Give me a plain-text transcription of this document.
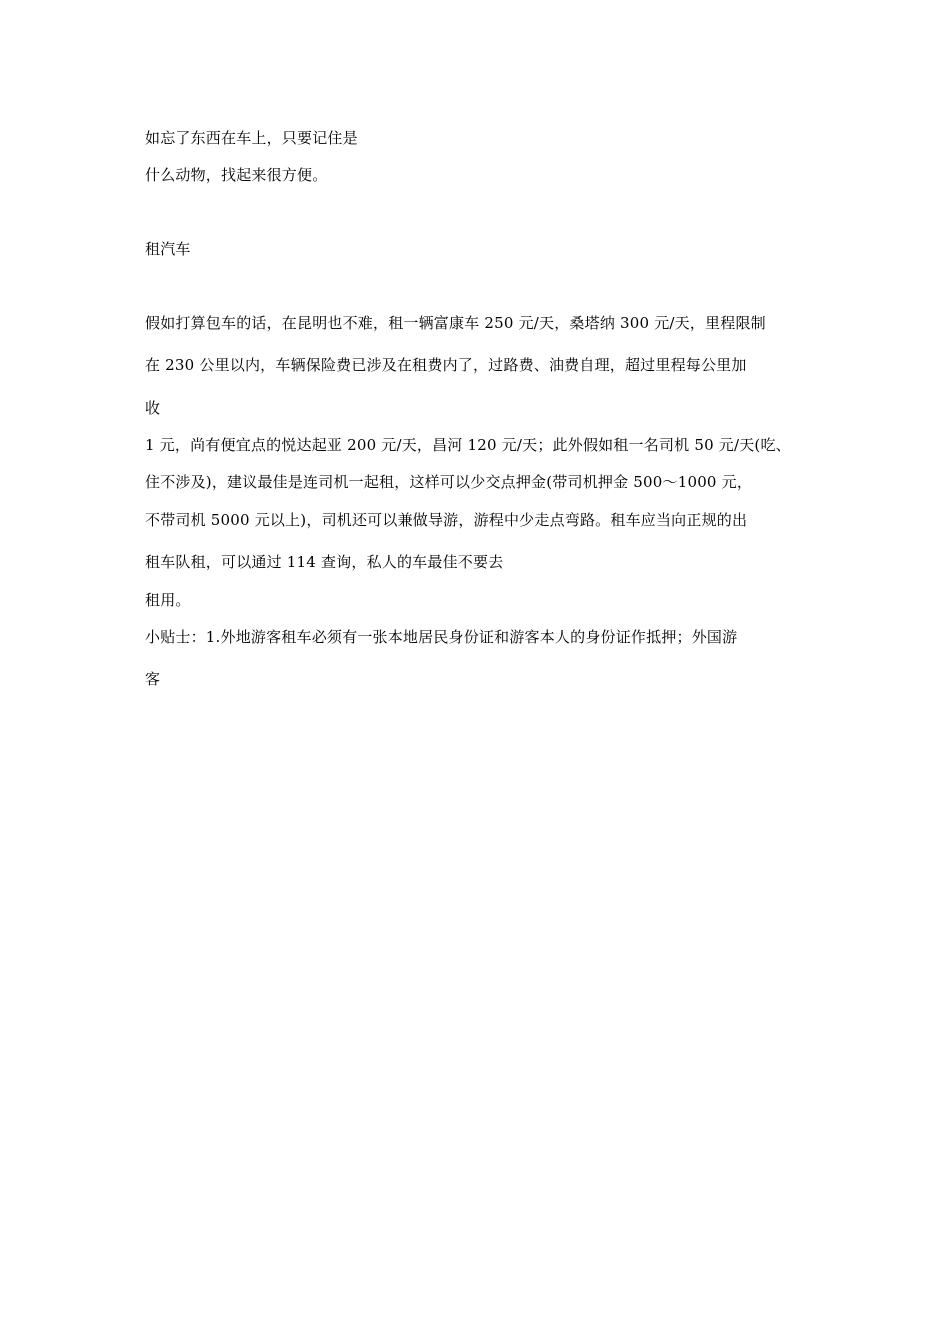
如忘了东西在车上，只要记住是
什么动物，找起来很方便。
租汽车
假如打算包车的话，在昆明也不难，租一辆富康车 250 元/天，桑塔纳 300 元/天，里程限制
在 230 公里以内，车辆保险费已涉及在租费内了，过路费、油费自理，超过里程每公里加
收
1 元，尚有便宜点的悦达起亚 200 元/天，昌河 120 元/天；此外假如租一名司机 50 元/天(吃、
住不涉及)，建议最佳是连司机一起租，这样可以少交点押金(带司机押金 500～1000 元，
不带司机 5000 元以上)，司机还可以兼做导游，游程中少走点弯路。租车应当向正规的出
租车队租，可以通过 114 查询，私人的车最佳不要去
租用。
小贴士：1.外地游客租车必须有一张本地居民身份证和游客本人的身份证作抵押；外国游
客
